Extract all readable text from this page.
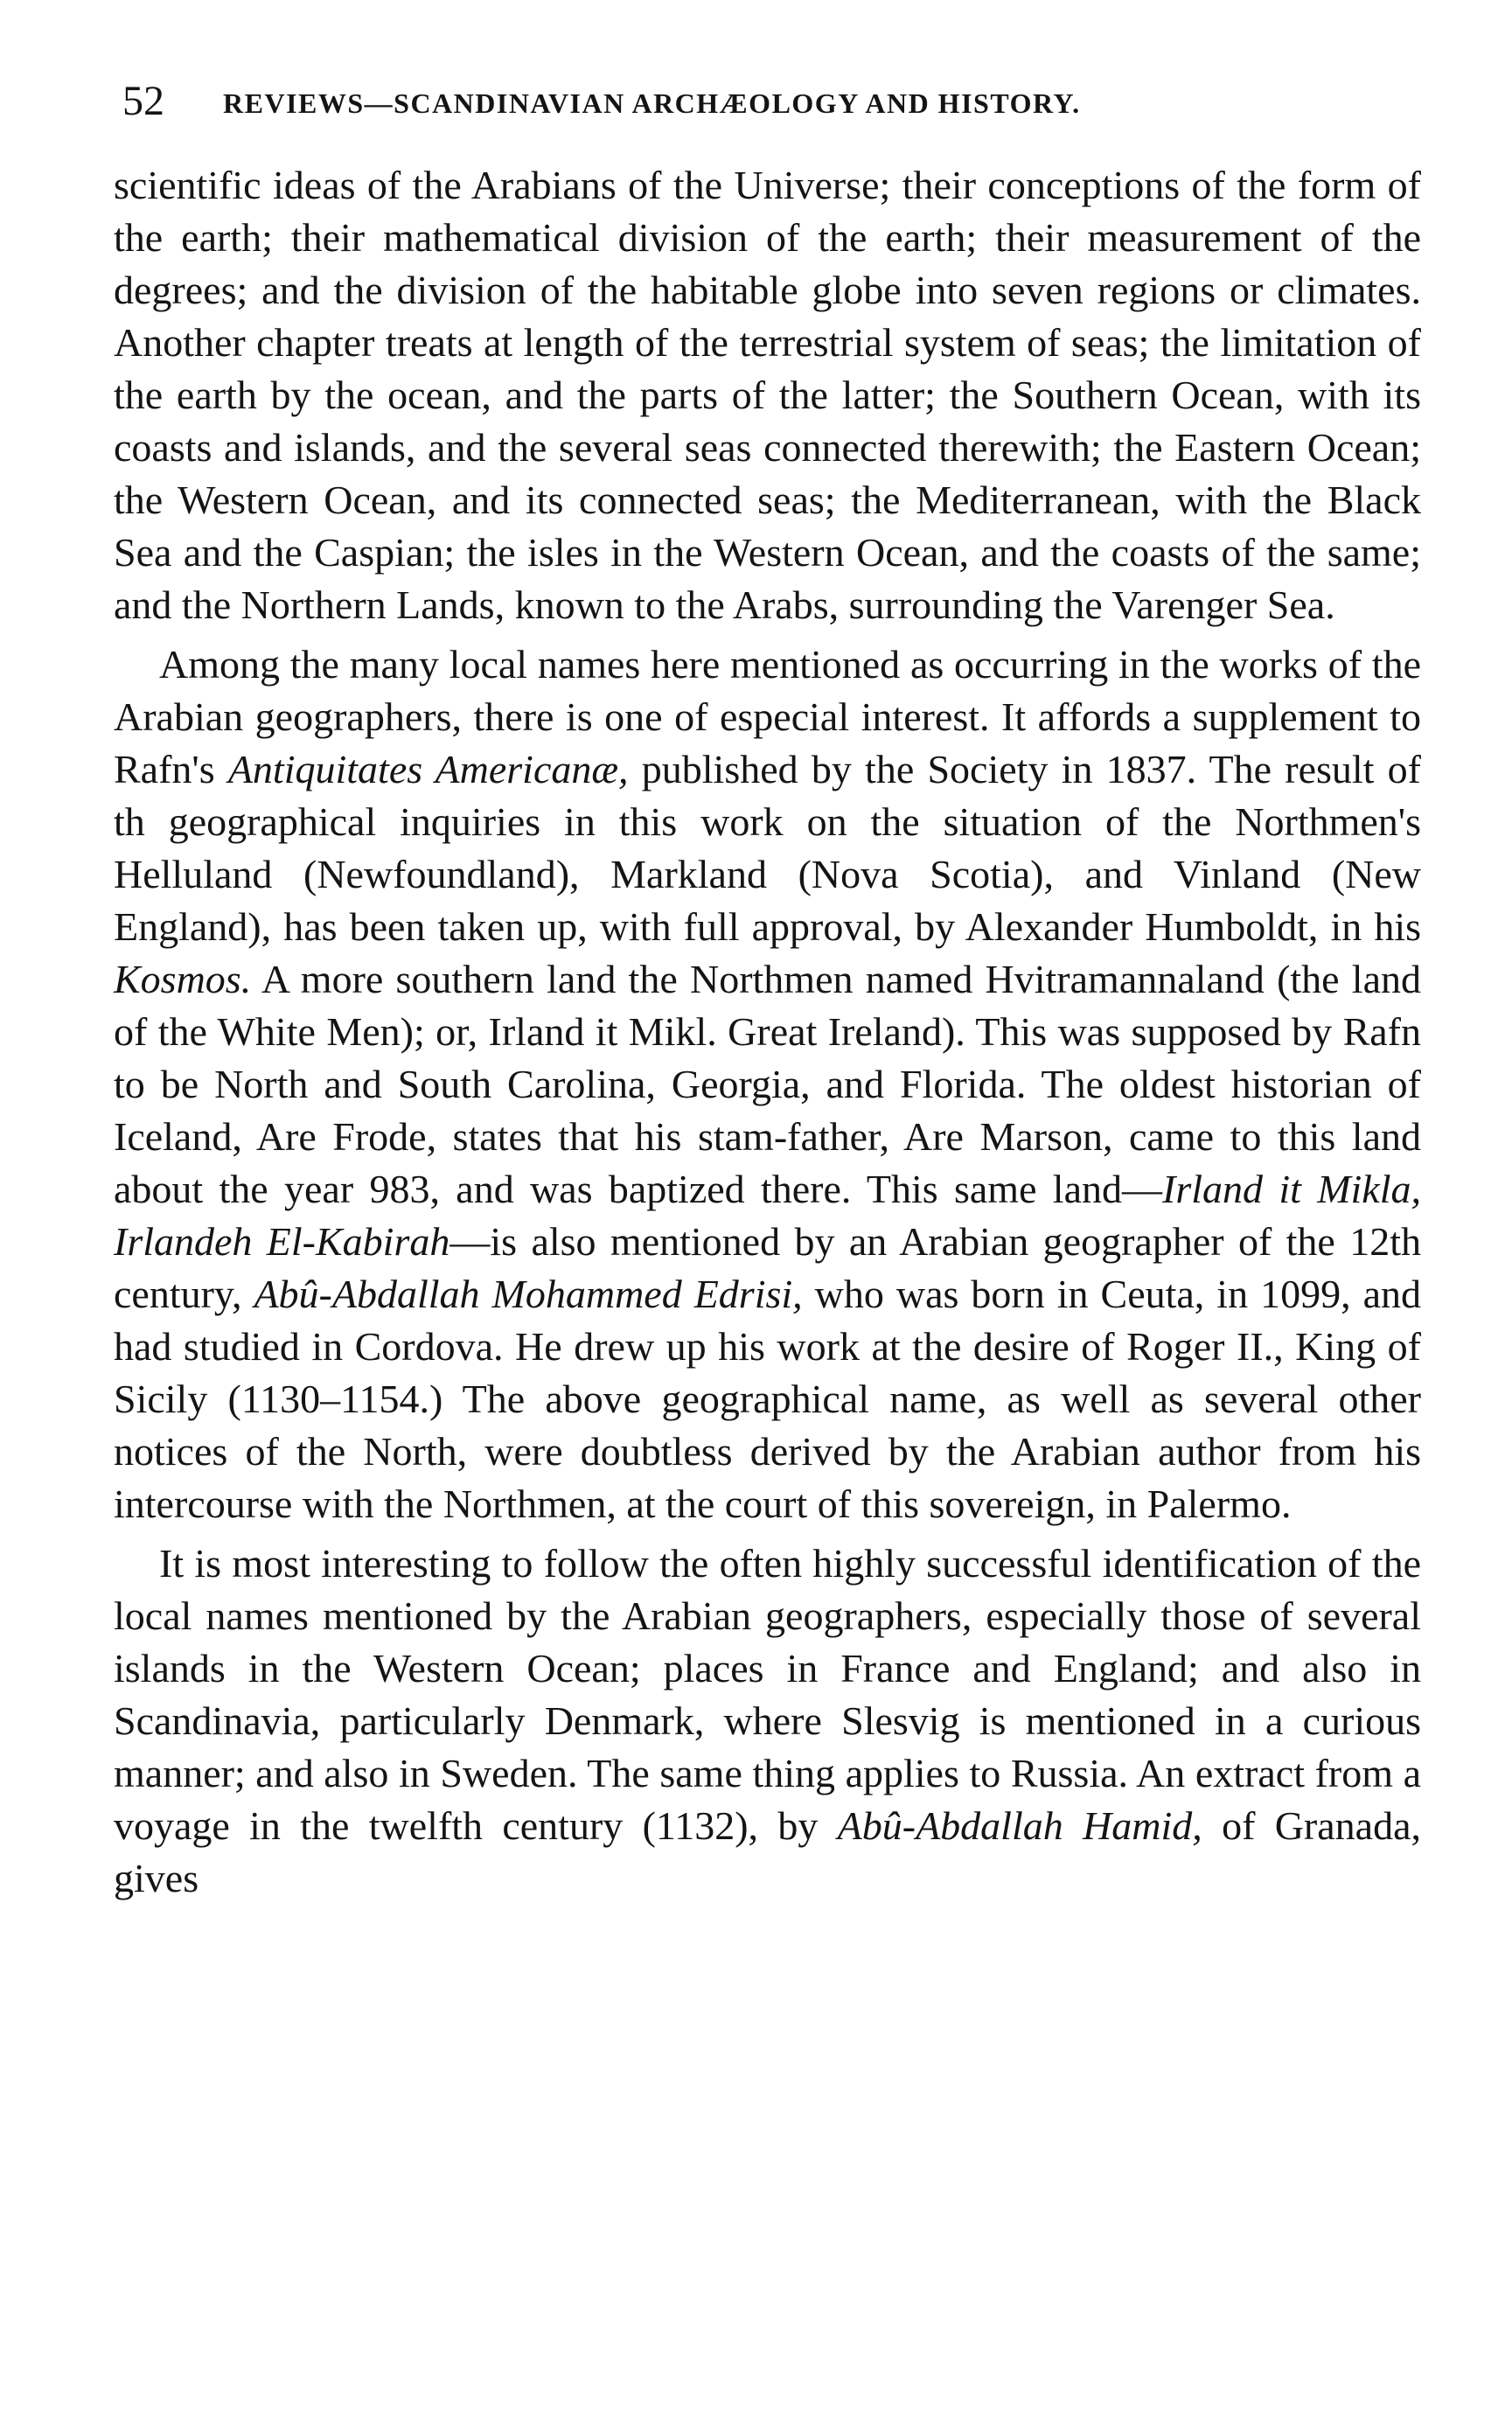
52 REVIEWS—SCANDINAVIAN ARCHÆOLOGY AND HISTORY.

scientific ideas of the Arabians of the Universe; their conceptions of the form of the earth; their mathematical division of the earth; their measurement of the degrees; and the division of the habitable globe into seven regions or climates. Another chapter treats at length of the terrestrial system of seas; the limitation of the earth by the ocean, and the parts of the latter; the Southern Ocean, with its coasts and islands, and the several seas connected therewith; the Eastern Ocean; the Western Ocean, and its connected seas; the Mediterranean, with the Black Sea and the Caspian; the isles in the Western Ocean, and the coasts of the same; and the Northern Lands, known to the Arabs, surrounding the Varenger Sea.

Among the many local names here mentioned as occurring in the works of the Arabian geographers, there is one of especial interest. It affords a supplement to Rafn's Antiquitates Americanæ, published by the Society in 1837. The result of th geographical inquiries in this work on the situation of the Northmen's Helluland (Newfoundland), Markland (Nova Scotia), and Vinland (New England), has been taken up, with full approval, by Alexander Humboldt, in his Kosmos. A more southern land the Northmen named Hvitramannaland (the land of the White Men); or, Irland it Mikl. Great Ireland). This was supposed by Rafn to be North and South Carolina, Georgia, and Florida. The oldest historian of Iceland, Are Frode, states that his stam-father, Are Marson, came to this land about the year 983, and was baptized there. This same land—Irland it Mikla, Irlandeh El-Kabirah—is also mentioned by an Arabian geographer of the 12th century, Abû-Abdallah Mohammed Edrisi, who was born in Ceuta, in 1099, and had studied in Cordova. He drew up his work at the desire of Roger II., King of Sicily (1130–1154.) The above geographical name, as well as several other notices of the North, were doubtless derived by the Arabian author from his intercourse with the Northmen, at the court of this sovereign, in Palermo.

It is most interesting to follow the often highly successful identification of the local names mentioned by the Arabian geographers, especially those of several islands in the Western Ocean; places in France and England; and also in Scandinavia, particularly Denmark, where Slesvig is mentioned in a curious manner; and also in Sweden. The same thing applies to Russia. An extract from a voyage in the twelfth century (1132), by Abû-Abdallah Hamid, of Granada, gives
